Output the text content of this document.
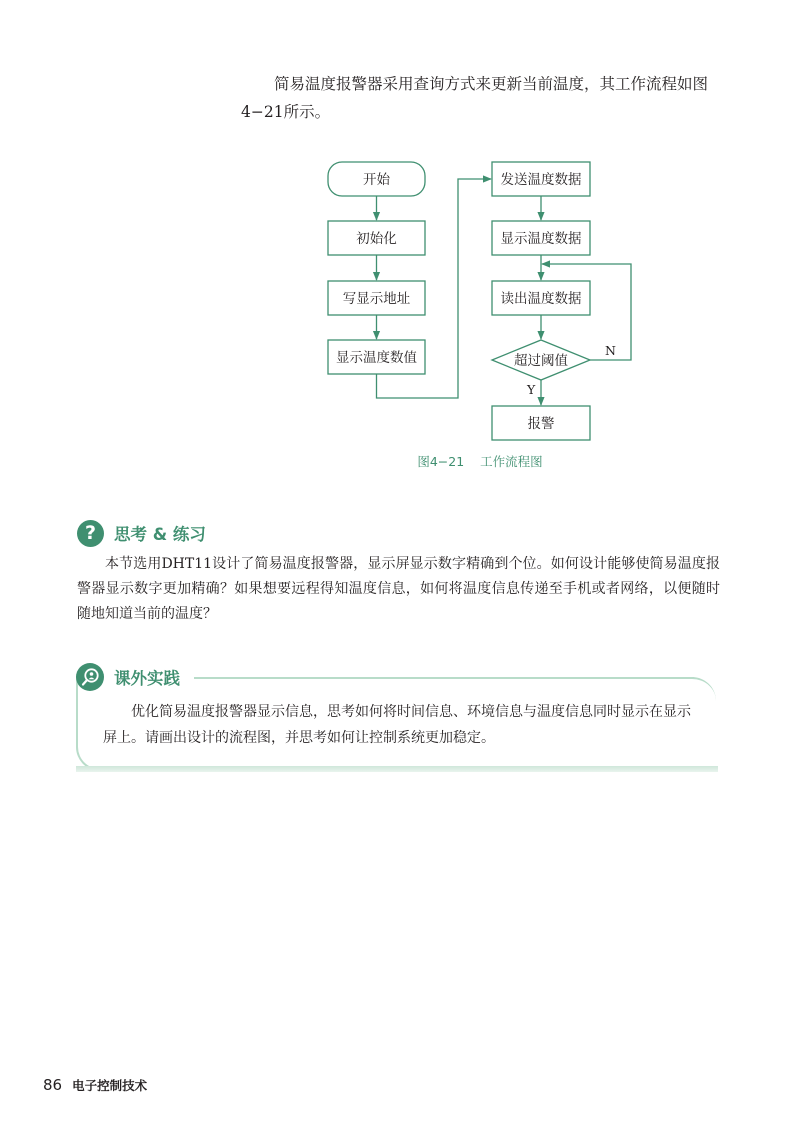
简易温度报警器采用查询方式来更新当前温度，其工作流程如图4−21所示。

开始
初始化
写显示地址
显示温度数值
发送温度数据
显示温度数据
读出温度数据
超过阈值
N
Y
报警
图4−21 工作流程图
?	思考 & 练习

本节选用DHT11设计了简易温度报警器，显示屏显示数字精确到个位。如何设计能够使简易温度报警器显示数字更加精确？如果想要远程得知温度信息，如何将温度信息传递至手机或者网络，以便随时随地知道当前的温度？

课外实践

优化简易温度报警器显示信息，思考如何将时间信息、环境信息与温度信息同时显示在显示屏上。请画出设计的流程图，并思考如何让控制系统更加稳定。

86 电子控制技术
